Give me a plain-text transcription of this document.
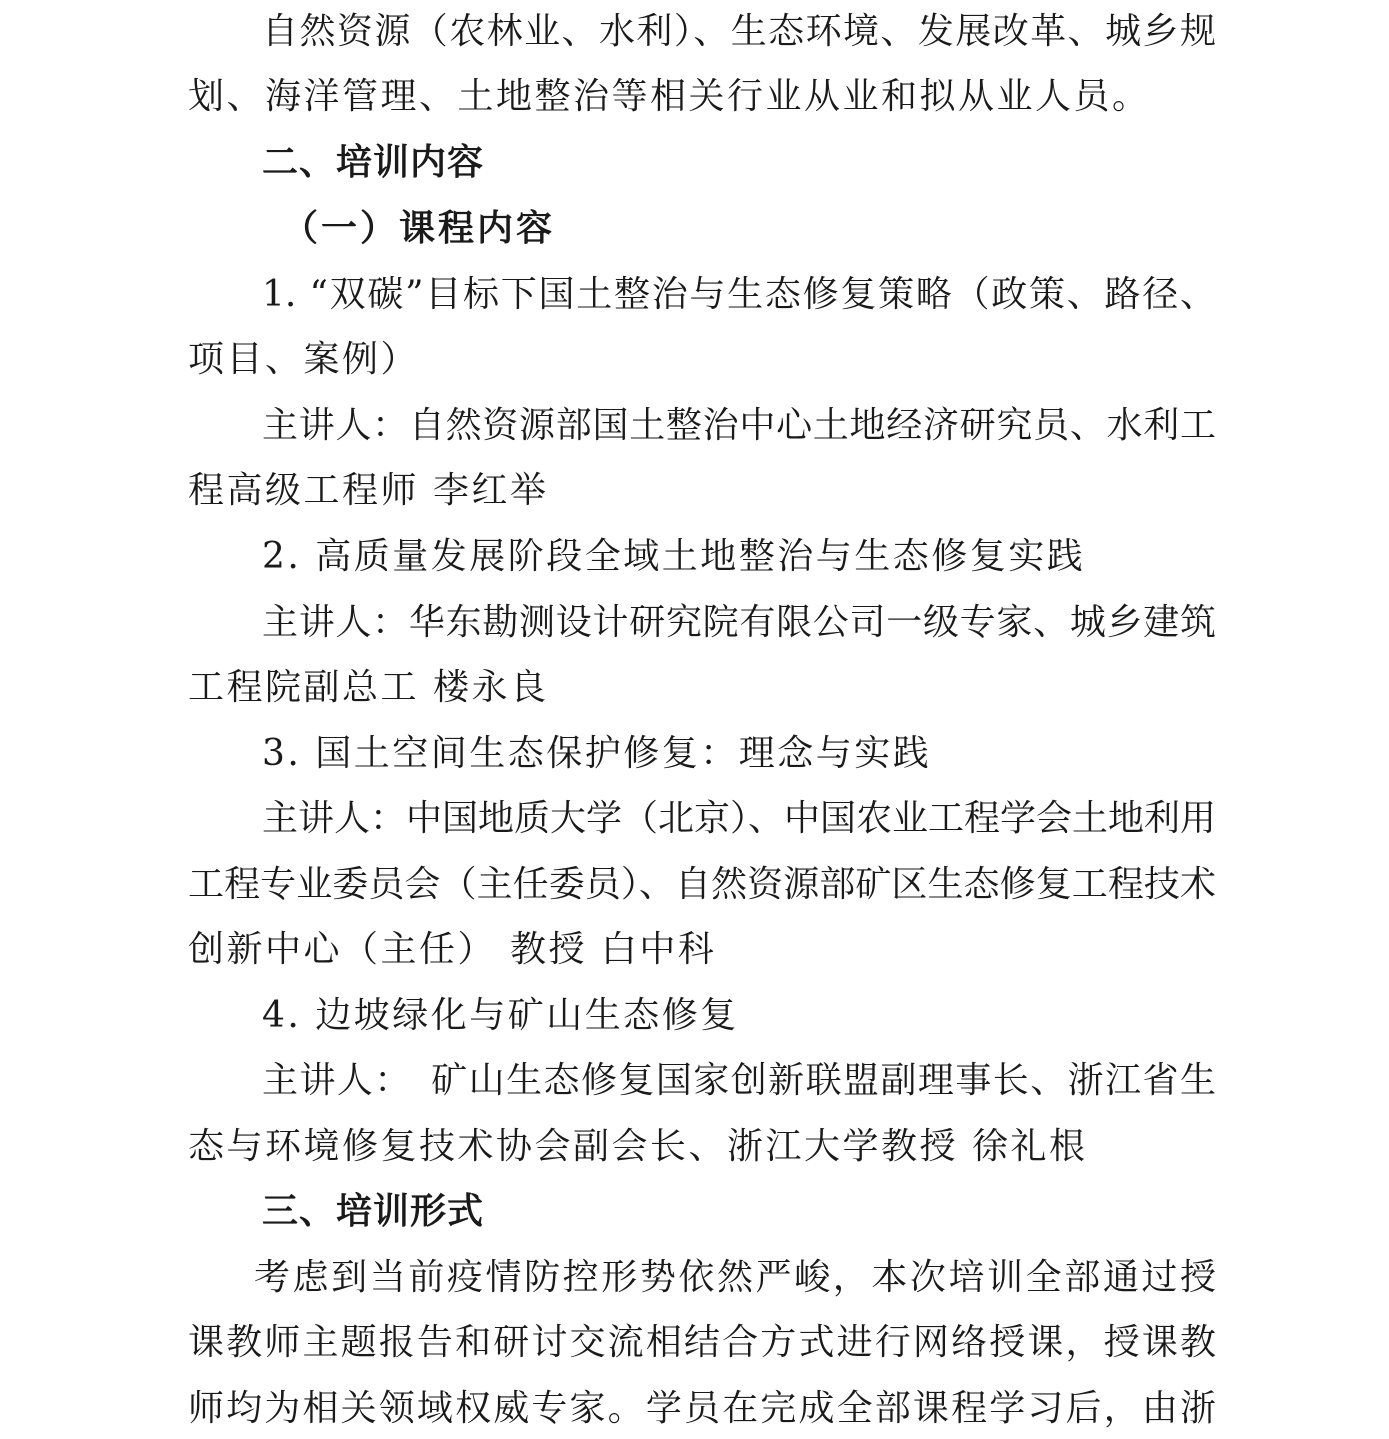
自然资源（农林业、水利）、生态环境、发展改革、城乡规
划、海洋管理、土地整治等相关行业从业和拟从业人员。
二、培训内容
（一）课程内容
1. “双碳”目标下国土整治与生态修复策略（政策、路径、
项目、案例）
主讲人：自然资源部国土整治中心土地经济研究员、水利工
程高级工程师 李红举
2. 高质量发展阶段全域土地整治与生态修复实践
主讲人：华东勘测设计研究院有限公司一级专家、城乡建筑
工程院副总工 楼永良
3. 国土空间生态保护修复：理念与实践
主讲人：中国地质大学（北京）、中国农业工程学会土地利用
工程专业委员会（主任委员）、自然资源部矿区生态修复工程技术
创新中心（主任） 教授 白中科
4. 边坡绿化与矿山生态修复
主讲人：　矿山生态修复国家创新联盟副理事长、浙江省生
态与环境修复技术协会副会长、浙江大学教授 徐礼根
三、培训形式
考虑到当前疫情防控形势依然严峻，本次培训全部通过授
课教师主题报告和研讨交流相结合方式进行网络授课，授课教
师均为相关领域权威专家。学员在完成全部课程学习后，由浙
